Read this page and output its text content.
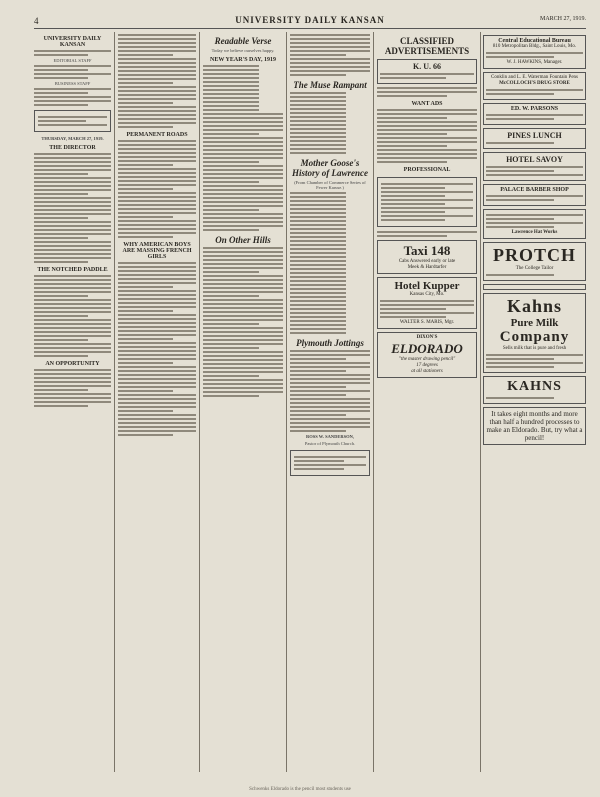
4	UNIVERSITY DAILY KANSAN	MARCH 27, 1919.
UNIVERSITY DAILY KANSAN
EDITORIAL STAFF
BUSINESS STAFF
THURSDAY, MARCH 27, 1919.
THE DIRECTOR
THE NOTCHED PADDLE
AN OPPORTUNITY
PERMANENT ROADS
WHY AMERICAN BOYS ARE MASSING FRENCH GIRLS
Readable Verse
Today we believe ourselves happy.
NEW YEAR'S DAY, 1919
On Other Hills
The Muse Rampant
Mother Goose's History of Lawrence
(From Chamber of Commerce Series of Fewer Karuse.)
Plymouth Jottings
ROSS W. SANDERSON,
Pastor of Plymouth Church.
CLASSIFIED ADVERTISEMENTS
K. U. 66
WANT ADS
PROFESSIONAL
Taxi 148
Cabs Answered early or late
Meek & Hardtarfer
Hotel Kupper
Kansas City, Mo.
WALTER S. MARIS, Mgr.
DIXON'S
ELDORADO
"the master drawing pencil"
17 degrees
at all stationers
Central Educational Bureau
810 Metropolitan Bldg., Saint Louis, Mo.
W. J. HAWKINS, Manager.
Conklin and L. E. Waterman Fountain Pens
McCOLLOCH'S DRUG STORE
ED. W. PARSONS
PINES LUNCH
HOTEL SAVOY
PALACE BARBER SHOP
Lawrence Hat Works
PROTCH
The College Tailor
Kahns
Pure Milk
Company
Sells milk that is pure and fresh
KAHNS
It takes eight months and more than half a hundred processes to make an Eldorado. But, try what a pencil!
Schwenks Eldorado is the pencil most students use
